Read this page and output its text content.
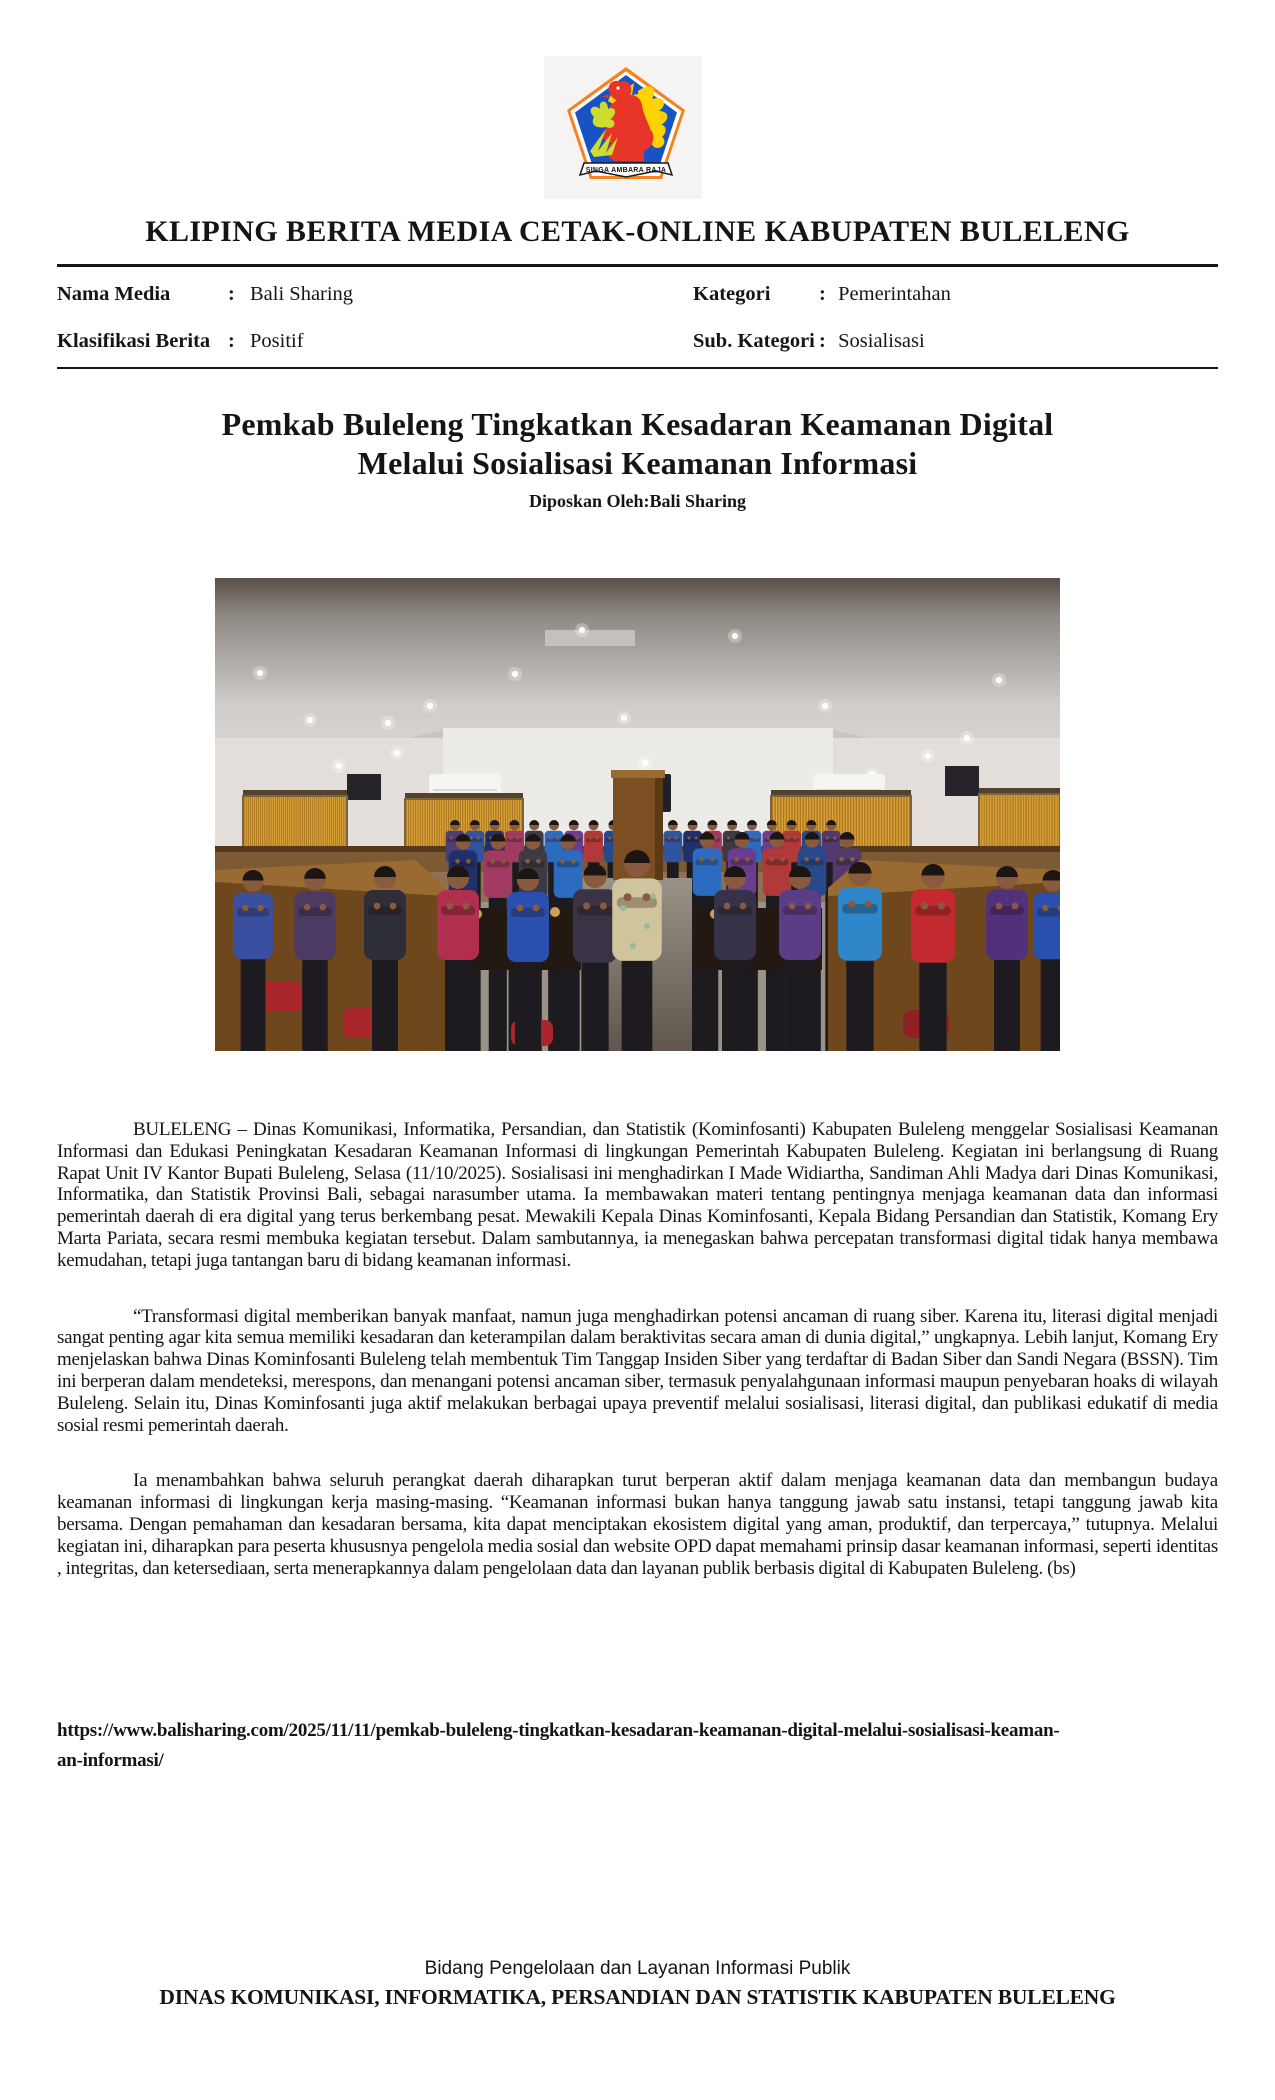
SINGA AMBARA RAJA
KLIPING BERITA MEDIA CETAK-ONLINE KABUPATEN BULELENG
Nama Media	: Bali Sharing	Kategori : Pemerintahan
Klasifikasi Berita : Positif	Sub. Kategori : Sosialisasi
Pemkab Buleleng Tingkatkan Kesadaran Keamanan Digital
Melalui Sosialisasi Keamanan Informasi
Diposkan Oleh:Bali Sharing

BULELENG – Dinas Komunikasi, Informatika, Persandian, dan Statistik (Kominfosanti) Kabupaten Buleleng menggelar Sosialisasi Keamanan Informasi dan Edukasi Peningkatan Kesadaran Keamanan Informasi di lingkungan Pemerintah Kabupaten Buleleng. Kegiatan ini berlangsung di Ruang Rapat Unit IV Kantor Bupati Buleleng, Selasa (11/10/2025). Sosialisasi ini menghadirkan I Made Widiartha, Sandiman Ahli Madya dari Dinas Komunikasi, Informatika, dan Statistik Provinsi Bali, sebagai narasumber utama. Ia membawakan materi tentang pentingnya menjaga keamanan data dan informasi pemerintah daerah di era digital yang terus berkembang pesat. Mewakili Kepala Dinas Kominfosanti, Kepala Bidang Persandian dan Statistik, Komang Ery Marta Pariata, secara resmi membuka kegiatan tersebut. Dalam sambutannya, ia menegaskan bahwa percepatan transformasi digital tidak hanya membawa kemudahan, tetapi juga tantangan baru di bidang keamanan informasi.

“Transformasi digital memberikan banyak manfaat, namun juga menghadirkan potensi ancaman di ruang siber. Karena itu, literasi digital menjadi sangat penting agar kita semua memiliki kesadaran dan keterampilan dalam beraktivitas secara aman di dunia digital,” ungkapnya. Lebih lanjut, Komang Ery menjelaskan bahwa Dinas Kominfosanti Buleleng telah membentuk Tim Tanggap Insiden Siber yang terdaftar di Badan Siber dan Sandi Negara (BSSN). Tim ini berperan dalam mendeteksi, merespons, dan menangani potensi ancaman siber, termasuk penyalahgunaan informasi maupun penyebaran hoaks di wilayah Buleleng. Selain itu, Dinas Kominfosanti juga aktif melakukan berbagai upaya preventif melalui sosialisasi, literasi digital, dan publikasi edukatif di media sosial resmi pemerintah daerah.

Ia menambahkan bahwa seluruh perangkat daerah diharapkan turut berperan aktif dalam menjaga keamanan data dan membangun budaya keamanan informasi di lingkungan kerja masing-masing. “Keamanan informasi bukan hanya tanggung jawab satu instansi, tetapi tanggung jawab kita bersama. Dengan pemahaman dan kesadaran bersama, kita dapat menciptakan ekosistem digital yang aman, produktif, dan terpercaya,” tutupnya. Melalui kegiatan ini, diharapkan para peserta khususnya pengelola media sosial dan website OPD dapat memahami prinsip dasar keamanan informasi, seperti identitas , integritas, dan ketersediaan, serta menerapkannya dalam pengelolaan data dan layanan publik berbasis digital di Kabupaten Buleleng. (bs)

https://www.balisharing.com/2025/11/11/pemkab-buleleng-tingkatkan-kesadaran-keamanan-digital-melalui-sosialisasi-keaman-
an-informasi/
Bidang Pengelolaan dan Layanan Informasi Publik
DINAS KOMUNIKASI, INFORMATIKA, PERSANDIAN DAN STATISTIK KABUPATEN BULELENG
